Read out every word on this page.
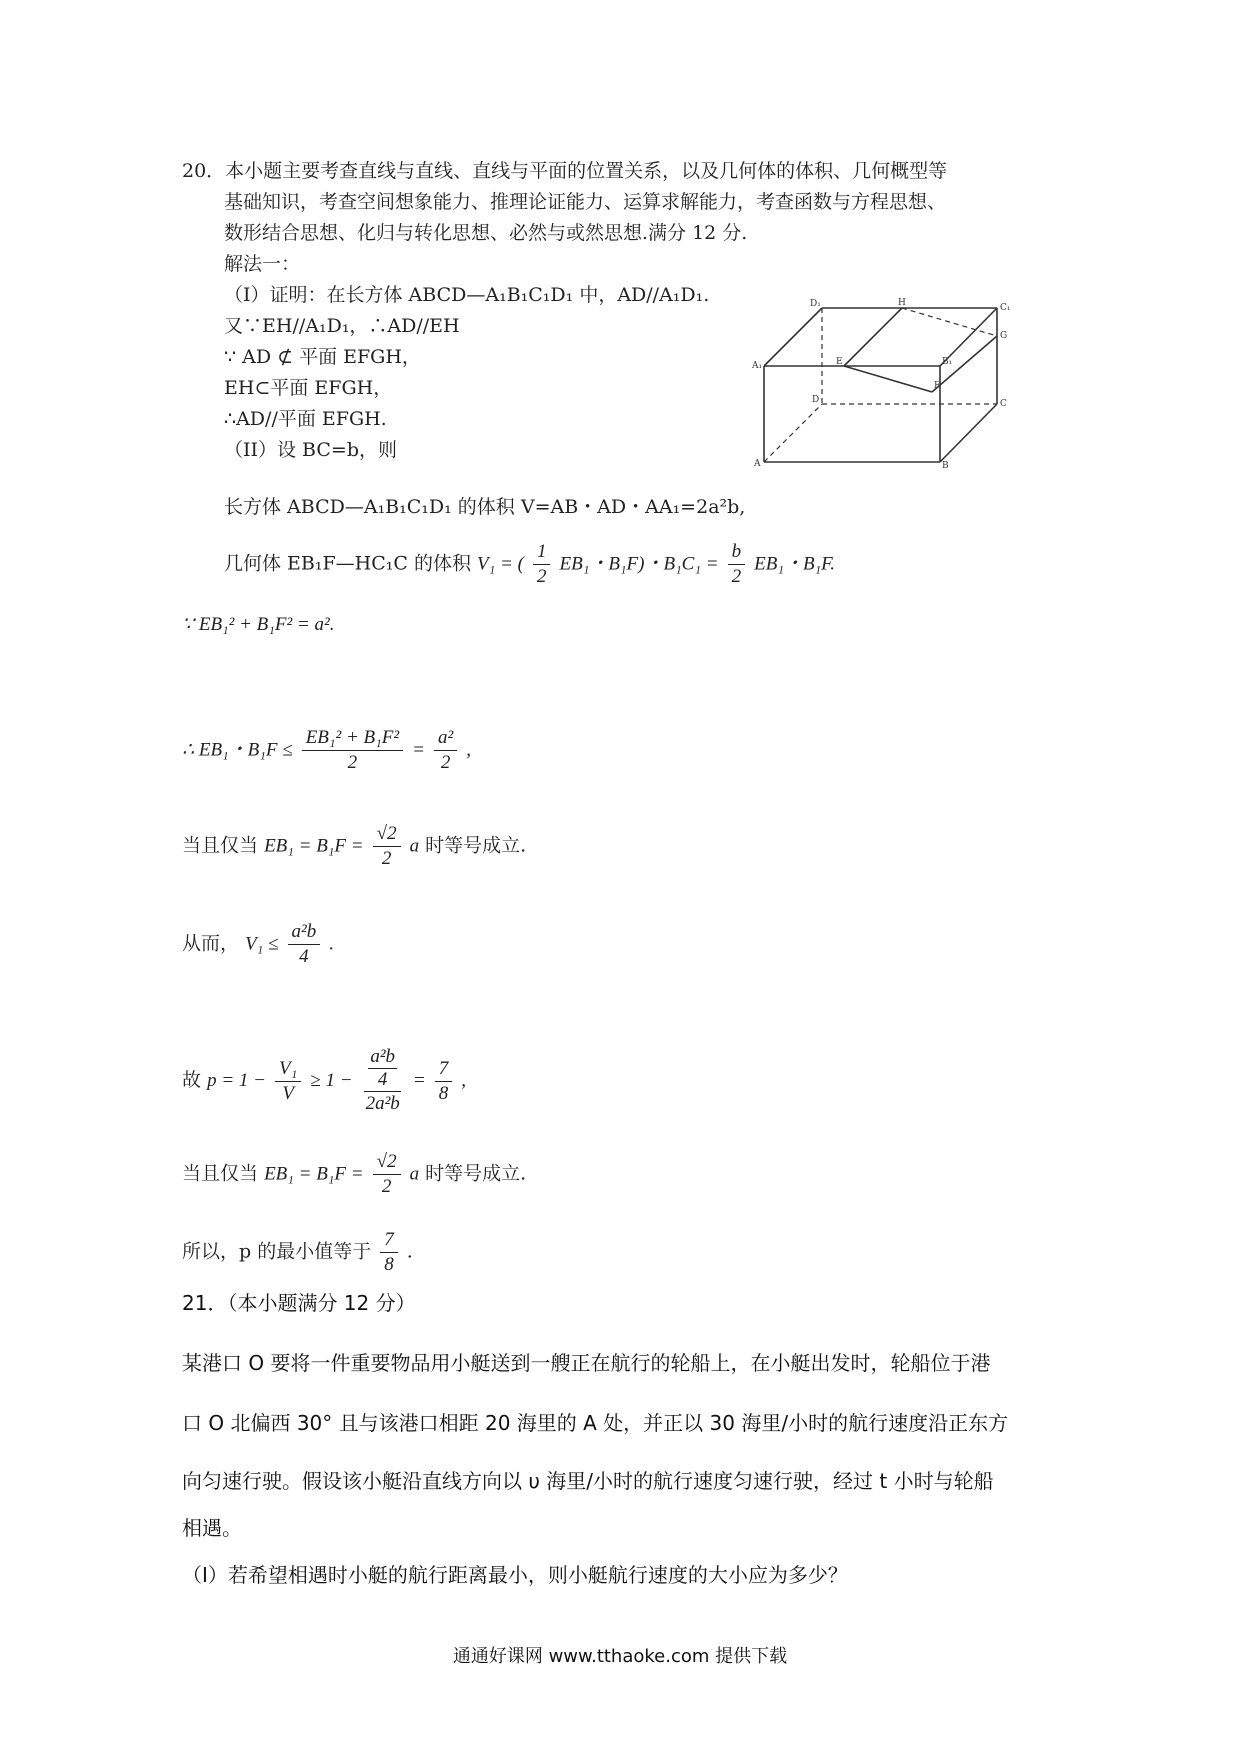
20．本小题主要考查直线与直线、直线与平面的位置关系，以及几何体的体积、几何概型等
基础知识，考查空间想象能力、推理论证能力、运算求解能力，考查函数与方程思想、
数形结合思想、化归与转化思想、必然与或然思想.满分 12 分.
解法一：
（I）证明：在长方体 ABCD—A₁B₁C₁D₁ 中，AD//A₁D₁.
又∵EH//A₁D₁，∴AD//EH
∵ AD ⊄ 平面 EFGH，
EH⊂平面 EFGH，
∴AD//平面 EFGH.
（II）设 BC=b，则
D₁	H	C₁
A₁	E	B₁
G
F
D	C
A	B
长方体 ABCD—A₁B₁C₁D₁ 的体积 V=AB・AD・AA₁=2a²b,
几何体 EB₁F—HC₁C 的体积 V₁ = ( $\frac{1}{2} EB_1$・B₁F)・$B_1C_1 = \frac{b}{2} EB_1$・B₁F.
∵ EB₁² + B₁F² = a².
∴ EB₁・$B_1F \le \frac{\text{EB₁² + B₁F²}}{2} = \frac{\text{a²}}{2}$ ,
当且仅当 $EB_1 = B_1F = \frac{√2}{2}$ a 时等号成立.
从而， $V_1 \le \frac{\text{a²b}}{4}$ .
故 $p = 1 - \frac{\text{V₁}}{V} \ge 1 - a^2b$
4
$2a^2b = \frac{7}{8}$ ,
当且仅当 $EB_1 = B_1F = \frac{√2}{2}$ a 时等号成立.
所以，p 的最小值等于 $\frac{7}{8}$ .
21．（本小题满分 12 分）
某港口 O 要将一件重要物品用小艇送到一艘正在航行的轮船上，在小艇出发时，轮船位于港
口 O 北偏西 30° 且与该港口相距 20 海里的 A 处，并正以 30 海里/小时的航行速度沿正东方
向匀速行驶。假设该小艇沿直线方向以 υ 海里/小时的航行速度匀速行驶，经过 t 小时与轮船
相遇。
（I）若希望相遇时小艇的航行距离最小，则小艇航行速度的大小应为多少？
通通好课网 www.tthaoke.com 提供下载
